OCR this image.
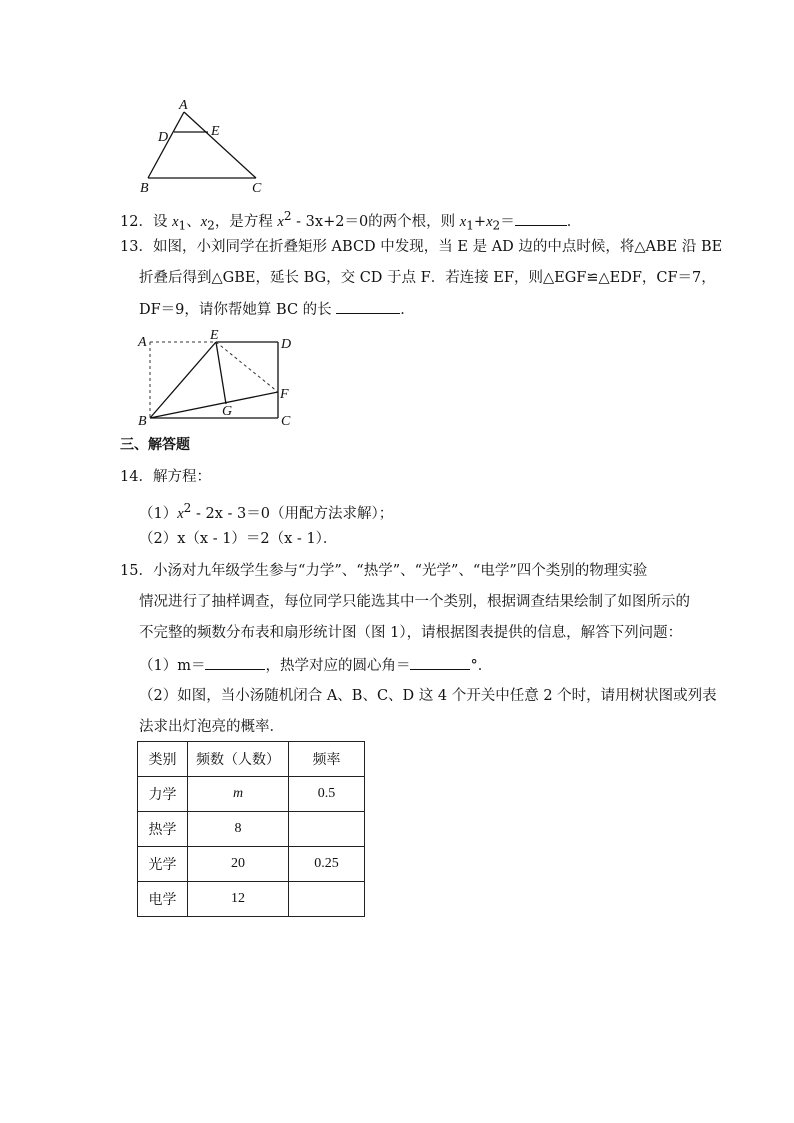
A
D	E
B	C
12．设 $x_1$、$x_2$，是方程 $x^2 - 3x+2=0$的两个根，则 $x_1+x_2=$	．
13．如图，小刘同学在折叠矩形 ABCD 中发现，当 E 是 AD 边的中点时候，将△ABE 沿 BE
折叠后得到△GBE，延长 BG，交 CD 于点 F．若连接 EF，则△EGF≌△EDF，CF＝7，
DF＝9，请你帮她算 BC 的长	．
A	E
D
F
G
B	C
三、解答题
14．解方程：
$(1)x^2 - 2x - 3=0$（用配方法求解）；
（2）x（x - 1）＝2（x - 1）．
15．小汤对九年级学生参与“力学”、“热学”、“光学”、“电学”四个类别的物理实验
情况进行了抽样调查，每位同学只能选其中一个类别，根据调查结果绘制了如图所示的
不完整的频数分布表和扇形统计图（图 1），请根据图表提供的信息，解答下列问题：
（1）m＝	，热学对应的圆心角＝	°．
（2）如图，当小汤随机闭合 A、B、C、D 这 4 个开关中任意 2 个时，请用树状图或列表
法求出灯泡亮的概率．
类别	频数（人数）	频率
力学	m	0.5
热学	8	
光学	20	0.25
电学	12	
